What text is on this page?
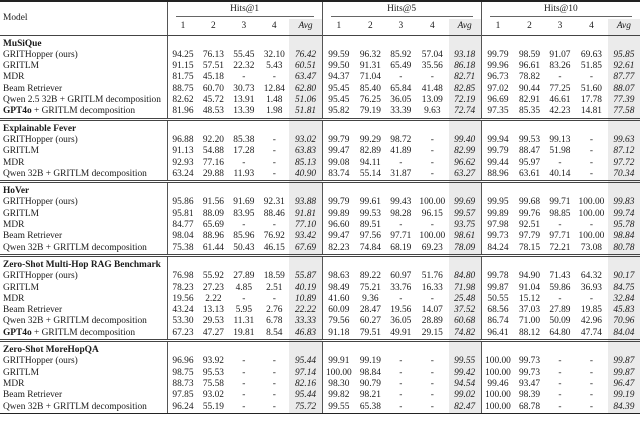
Model	Hits@1					Hits@5					Hits@10				

	1	2	3	4	Avg	1	2	3	4	Avg	1	2	3	4	Avg
MuSiQue															
GRITHopper (ours)	94.25	76.13	55.45	32.10	76.42	99.59	96.32	85.92	57.04	93.18	99.79	98.59	91.07	69.63	95.85
GRITLM	91.15	57.51	22.32	5.43	60.51	99.50	91.31	65.49	35.56	86.18	99.96	96.61	83.26	51.85	92.61
MDR	81.75	45.18	-	-	63.47	94.37	71.04	-	-	82.71	96.73	78.82	-	-	87.77
Beam Retriever	88.75	60.70	30.73	12.84	62.80	95.45	85.40	65.84	41.48	82.85	97.02	90.44	77.25	51.60	88.07
Qwen 2.5 32B + GRITLM decomposition	82.62	45.72	13.91	1.48	51.06	95.45	76.25	36.05	13.09	72.19	96.69	82.91	46.61	17.78	77.39
GPT4o + GRITLM decomposition	81.96	48.53	13.39	1.98	51.81	95.82	79.19	33.39	9.63	72.74	97.35	85.35	42.23	14.81	77.58
Explainable Fever															
GRITHopper (ours)	96.88	92.20	85.38	-	93.02	99.79	99.29	98.72	-	99.40	99.94	99.53	99.13	-	99.63
GRITLM	91.13	54.88	17.28	-	63.83	99.47	82.89	41.89	-	82.99	99.79	88.47	51.98	-	87.12
MDR	92.93	77.16	-	-	85.13	99.08	94.11	-	-	96.62	99.44	95.97	-	-	97.72
Qwen 32B + GRITLM decomposition	63.24	29.88	11.93	-	40.90	83.74	55.14	31.87	-	63.27	88.96	63.61	40.14	-	70.34
HoVer															
GRITHopper (ours)	95.86	91.56	91.69	92.31	93.88	99.79	99.61	99.43	100.00	99.69	99.95	99.68	99.71	100.00	99.83
GRITLM	95.81	88.09	83.95	88.46	91.81	99.89	99.53	98.28	96.15	99.57	99.89	99.76	98.85	100.00	99.74
MDR	84.77	65.69	-	-	77.10	96.60	89.51	-	-	93.75	97.98	92.51	-	-	95.78
Beam Retriever	98.04	88.96	85.96	76.92	93.42	99.47	97.56	97.71	100.00	98.61	99.73	97.79	97.71	100.00	98.84
Qwen 32B + GRITLM decomposition	75.38	61.44	50.43	46.15	67.69	82.23	74.84	68.19	69.23	78.09	84.24	78.15	72.21	73.08	80.78
Zero-Shot Multi-Hop RAG Benchmark															
GRITHopper (ours)	76.98	55.92	27.89	18.59	55.87	98.63	89.22	60.97	51.76	84.80	99.78	94.90	71.43	64.32	90.17
GRITLM	78.23	27.23	4.85	2.51	40.19	98.49	75.21	33.76	16.33	71.98	99.87	91.04	59.86	36.93	84.75
MDR	19.56	2.22	-	-	10.89	41.60	9.36	-	-	25.48	50.55	15.12	-	-	32.84
Beam Retriever	43.24	13.13	5.95	2.76	22.22	60.09	28.47	19.56	14.07	37.52	68.56	37.03	27.89	19.85	45.83
Qwen 32B + GRITLM decomposition	53.30	29.53	11.31	6.78	33.33	79.56	60.27	36.05	28.89	60.68	86.74	71.00	50.09	42.96	70.96
GPT4o + GRITLM decomposition	67.23	47.27	19.81	8.54	46.83	91.18	79.51	49.91	29.15	74.82	96.41	88.12	64.80	47.74	84.04
Zero-Shot MoreHopQA															
GRITHopper (ours)	96.96	93.92	-	-	95.44	99.91	99.19	-	-	99.55	100.00	99.73	-	-	99.87
GRITLM	98.75	95.53	-	-	97.14	100.00	98.84	-	-	99.42	100.00	99.73	-	-	99.87
MDR	88.73	75.58	-	-	82.16	98.30	90.79	-	-	94.54	99.46	93.47	-	-	96.47
Beam Retriever	97.85	93.02	-	-	95.44	99.82	98.21	-	-	99.02	100.00	98.39	-	-	99.19
Qwen 32B + GRITLM decomposition	96.24	55.19	-	-	75.72	99.55	65.38	-	-	82.47	100.00	68.78	-	-	84.39
